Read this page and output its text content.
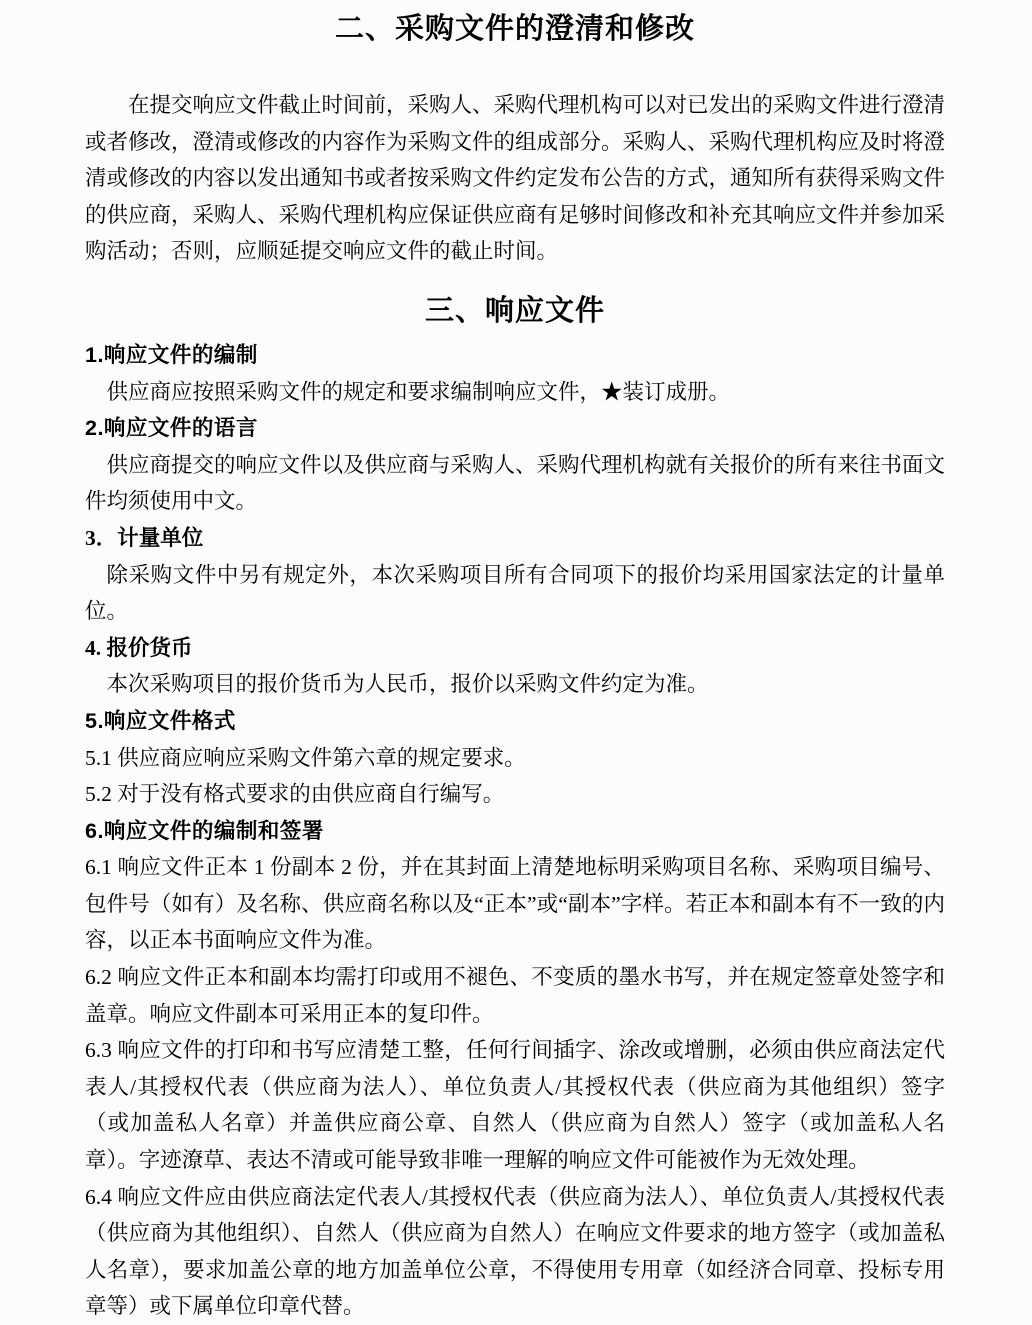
二、采购文件的澄清和修改

在提交响应文件截止时间前，采购人、采购代理机构可以对已发出的采购文件进行澄清或者修改，澄清或修改的内容作为采购文件的组成部分。采购人、采购代理机构应及时将澄清或修改的内容以发出通知书或者按采购文件约定发布公告的方式，通知所有获得采购文件的供应商，采购人、采购代理机构应保证供应商有足够时间修改和补充其响应文件并参加采购活动；否则，应顺延提交响应文件的截止时间。

三、响应文件

1.响应文件的编制

供应商应按照采购文件的规定和要求编制响应文件，★装订成册。

2.响应文件的语言

供应商提交的响应文件以及供应商与采购人、采购代理机构就有关报价的所有来往书面文件均须使用中文。

3．计量单位

除采购文件中另有规定外，本次采购项目所有合同项下的报价均采用国家法定的计量单位。

4. 报价货币

本次采购项目的报价货币为人民币，报价以采购文件约定为准。

5.响应文件格式

5.1 供应商应响应采购文件第六章的规定要求。

5.2 对于没有格式要求的由供应商自行编写。

6.响应文件的编制和签署

6.1 响应文件正本 1 份副本 2 份，并在其封面上清楚地标明采购项目名称、采购项目编号、包件号（如有）及名称、供应商名称以及“正本”或“副本”字样。若正本和副本有不一致的内容，以正本书面响应文件为准。

6.2 响应文件正本和副本均需打印或用不褪色、不变质的墨水书写，并在规定签章处签字和盖章。响应文件副本可采用正本的复印件。

6.3 响应文件的打印和书写应清楚工整，任何行间插字、涂改或增删，必须由供应商法定代表人/其授权代表（供应商为法人）、单位负责人/其授权代表（供应商为其他组织）签字（或加盖私人名章）并盖供应商公章、自然人（供应商为自然人）签字（或加盖私人名章）。字迹潦草、表达不清或可能导致非唯一理解的响应文件可能被作为无效处理。

6.4 响应文件应由供应商法定代表人/其授权代表（供应商为法人）、单位负责人/其授权代表（供应商为其他组织）、自然人（供应商为自然人）在响应文件要求的地方签字（或加盖私人名章），要求加盖公章的地方加盖单位公章，不得使用专用章（如经济合同章、投标专用章等）或下属单位印章代替。
